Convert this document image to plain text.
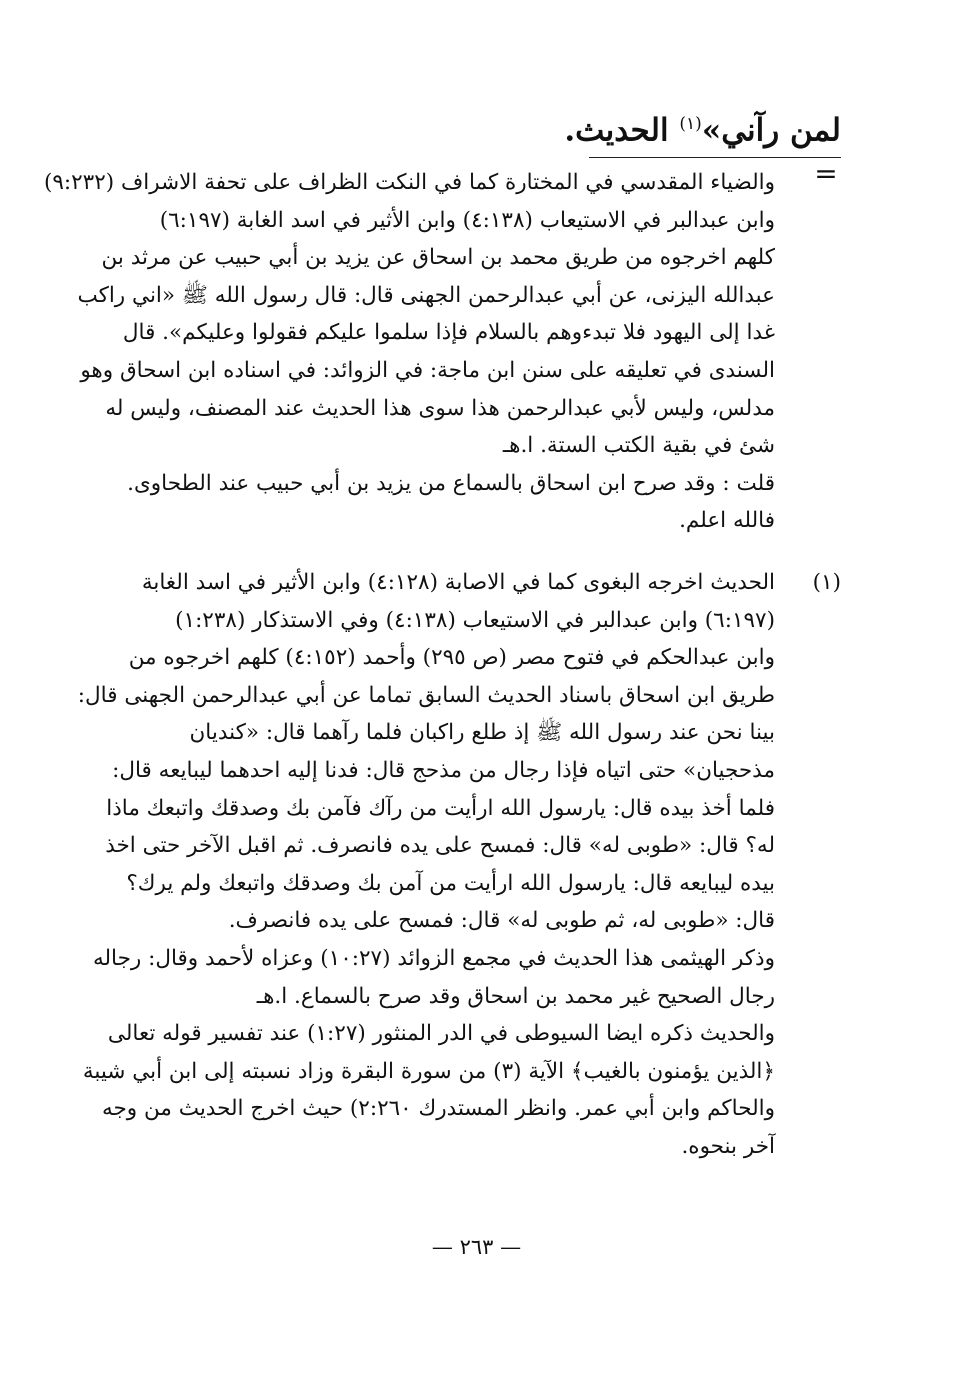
لمن رآني»$^{(١)}$ الحديث.
=
والضياء المقدسي في المختارة كما في النكت الظراف على تحفة الاشراف (٩:٢٣٢)
وابن عبدالبر في الاستيعاب (٤:١٣٨) وابن الأثير في اسد الغابة (٦:١٩٧)
كلهم اخرجوه من طريق محمد بن اسحاق عن يزيد بن أبي حبيب عن مرثد بن
عبدالله اليزنى، عن أبي عبدالرحمن الجهنى قال: قال رسول الله ﷺ «اني راكب
غدا إلى اليهود فلا تبدءوهم بالسلام فإذا سلموا عليكم فقولوا وعليكم». قال
السندى في تعليقه على سنن ابن ماجة: في الزوائد: في اسناده ابن اسحاق وهو
مدلس، وليس لأبي عبدالرحمن هذا سوى هذا الحديث عند المصنف، وليس له
شئ في بقية الكتب الستة. ا.هـ
قلت : وقد صرح ابن اسحاق بالسماع من يزيد بن أبي حبيب عند الطحاوى.
فالله اعلم.
(١)
الحديث اخرجه البغوى كما في الاصابة (٤:١٢٨) وابن الأثير في اسد الغابة
(٦:١٩٧) وابن عبدالبر في الاستيعاب (٤:١٣٨) وفي الاستذكار (١:٢٣٨)
وابن عبدالحكم في فتوح مصر (ص ٢٩٥) وأحمد (٤:١٥٢) كلهم اخرجوه من
طريق ابن اسحاق باسناد الحديث السابق تماما عن أبي عبدالرحمن الجهنى قال:
بينا نحن عند رسول الله ﷺ إذ طلع راكبان فلما رآهما قال: «كنديان
مذحجيان» حتى اتياه فإذا رجال من مذحج قال: فدنا إليه احدهما ليبايعه قال:
فلما أخذ بيده قال: يارسول الله ارأيت من رآك فآمن بك وصدقك واتبعك ماذا
له؟ قال: «طوبى له» قال: فمسح على يده فانصرف. ثم اقبل الآخر حتى اخذ
بيده ليبايعه قال: يارسول الله ارأيت من آمن بك وصدقك واتبعك ولم يرك؟
قال: «طوبى له، ثم طوبى له» قال: فمسح على يده فانصرف.
وذكر الهيثمى هذا الحديث في مجمع الزوائد (١٠:٢٧) وعزاه لأحمد وقال: رجاله
رجال الصحيح غير محمد بن اسحاق وقد صرح بالسماع. ا.هـ
والحديث ذكره ايضا السيوطى في الدر المنثور (١:٢٧) عند تفسير قوله تعالى
﴿الذين يؤمنون بالغيب﴾ الآية (٣) من سورة البقرة وزاد نسبته إلى ابن أبي شيبة
والحاكم وابن أبي عمر. وانظر المستدرك ٢:٢٦٠) حيث اخرج الحديث من وجه
آخر بنحوه.
— ٢٦٣ —
